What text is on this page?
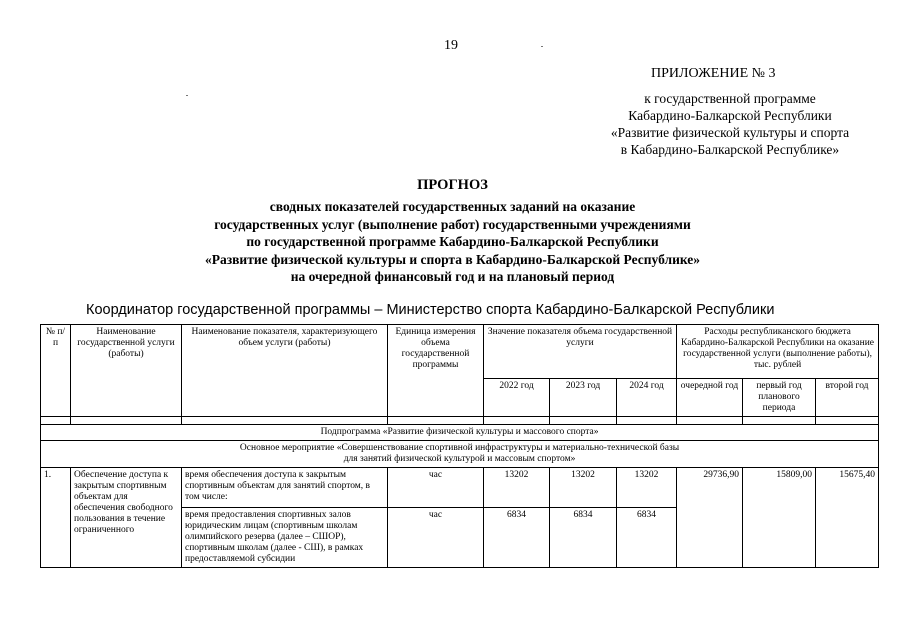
19
ПРИЛОЖЕНИЕ № 3
к государственной программе
Кабардино-Балкарской Республики
«Развитие физической культуры и спорта
в Кабардино-Балкарской Республике»
ПРОГНОЗ
сводных показателей государственных заданий на оказание
государственных услуг (выполнение работ) государственными учреждениями
по государственной программе Кабардино-Балкарской Республики
«Развитие физической культуры и спорта в Кабардино-Балкарской Республике»
на очередной финансовый год и на плановый период
Координатор государственной программы – Министерство спорта Кабардино-Балкарской Республики
№ п/п	Наименование государственной услуги (работы)	Наименование показателя, характеризующего объем услуги (работы)	Единица измерения объема государственной программы	Значение показателя объема государственной услуги			Расходы республиканского бюджета Кабардино-Балкарской Республики на оказание государственной услуги (выполнение работы), тыс. рублей		
				2022 год	2023 год	2024 год	очередной год	первый год планового периода	второй год

Подпрограмма «Развитие физической культуры и массового спорта»									

Основное мероприятие «Совершенствование спортивной инфраструктуры и материально-технической базы
для занятий физической культурой и массовым спортом»									

1.	Обеспечение доступа к закрытым спортивным объектам для обеспечения свободного пользования в течение ограниченного	время обеспечения доступа к закрытым спортивным объектам для занятий спортом, в том числе:	час	13202	13202	13202	29736,90	15809,00	15675,40
		время предоставления спортивных залов юридическим лицам (спортивным школам олимпийского резерва (далее – СШОР), спортивным школам (далее - СШ), в рамках предоставляемой субсидии	час	6834	6834	6834			
